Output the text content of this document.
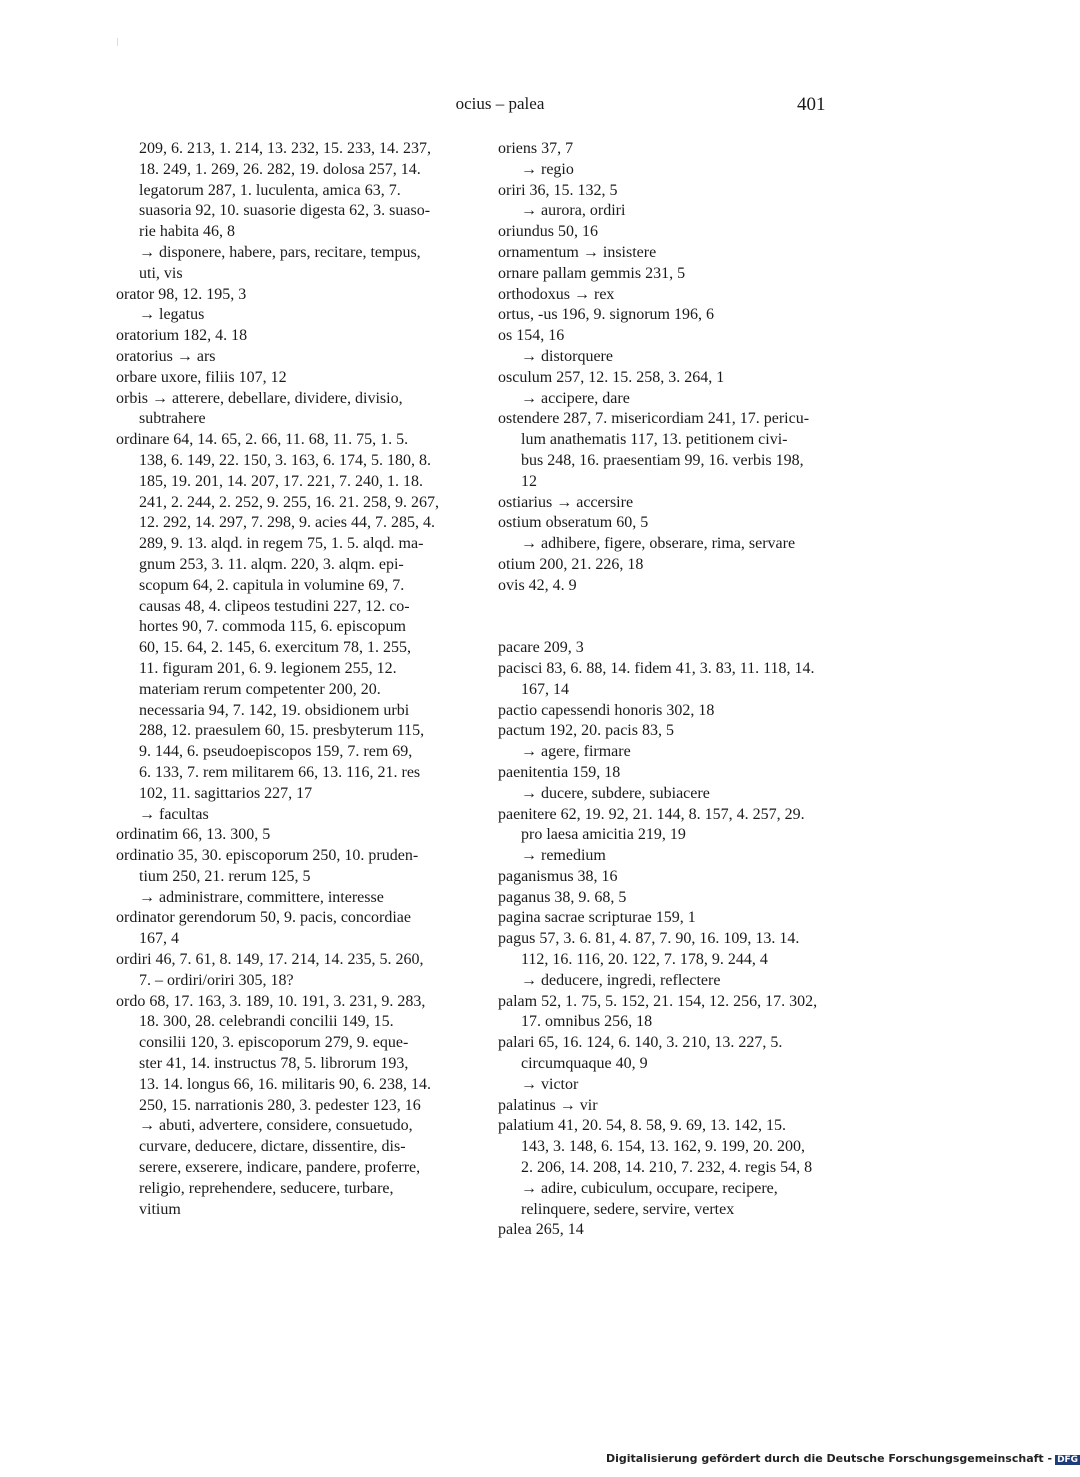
ocius – palea	401
209, 6. 213, 1. 214, 13. 232, 15. 233, 14. 237,
18. 249, 1. 269, 26. 282, 19. dolosa 257, 14.
legatorum 287, 1. luculenta, amica 63, 7.
suasoria 92, 10. suasorie digesta 62, 3. suaso-
rie habita 46, 8
→ disponere, habere, pars, recitare, tempus,
uti, vis
orator 98, 12. 195, 3
→ legatus
oratorium 182, 4. 18
oratorius → ars
orbare uxore, filiis 107, 12
orbis → atterere, debellare, dividere, divisio,
subtrahere
ordinare 64, 14. 65, 2. 66, 11. 68, 11. 75, 1. 5.
138, 6. 149, 22. 150, 3. 163, 6. 174, 5. 180, 8.
185, 19. 201, 14. 207, 17. 221, 7. 240, 1. 18.
241, 2. 244, 2. 252, 9. 255, 16. 21. 258, 9. 267,
12. 292, 14. 297, 7. 298, 9. acies 44, 7. 285, 4.
289, 9. 13. alqd. in regem 75, 1. 5. alqd. ma-
gnum 253, 3. 11. alqm. 220, 3. alqm. epi-
scopum 64, 2. capitula in volumine 69, 7.
causas 48, 4. clipeos testudini 227, 12. co-
hortes 90, 7. commoda 115, 6. episcopum
60, 15. 64, 2. 145, 6. exercitum 78, 1. 255,
11. figuram 201, 6. 9. legionem 255, 12.
materiam rerum competenter 200, 20.
necessaria 94, 7. 142, 19. obsidionem urbi
288, 12. praesulem 60, 15. presbyterum 115,
9. 144, 6. pseudoepiscopos 159, 7. rem 69,
6. 133, 7. rem militarem 66, 13. 116, 21. res
102, 11. sagittarios 227, 17
→ facultas
ordinatim 66, 13. 300, 5
ordinatio 35, 30. episcoporum 250, 10. pruden-
tium 250, 21. rerum 125, 5
→ administrare, committere, interesse
ordinator gerendorum 50, 9. pacis, concordiae
167, 4
ordiri 46, 7. 61, 8. 149, 17. 214, 14. 235, 5. 260,
7. – ordiri/oriri 305, 18?
ordo 68, 17. 163, 3. 189, 10. 191, 3. 231, 9. 283,
18. 300, 28. celebrandi concilii 149, 15.
consilii 120, 3. episcoporum 279, 9. eque-
ster 41, 14. instructus 78, 5. librorum 193,
13. 14. longus 66, 16. militaris 90, 6. 238, 14.
250, 15. narrationis 280, 3. pedester 123, 16
→ abuti, advertere, considere, consuetudo,
curvare, deducere, dictare, dissentire, dis-
serere, exserere, indicare, pandere, proferre,
religio, reprehendere, seducere, turbare,
vitium
oriens 37, 7
→ regio
oriri 36, 15. 132, 5
→ aurora, ordiri
oriundus 50, 16
ornamentum → insistere
ornare pallam gemmis 231, 5
orthodoxus → rex
ortus, -us 196, 9. signorum 196, 6
os 154, 16
→ distorquere
osculum 257, 12. 15. 258, 3. 264, 1
→ accipere, dare
ostendere 287, 7. misericordiam 241, 17. pericu-
lum anathematis 117, 13. petitionem civi-
bus 248, 16. praesentiam 99, 16. verbis 198,
12
ostiarius → accersire
ostium obseratum 60, 5
→ adhibere, figere, obserare, rima, servare
otium 200, 21. 226, 18
ovis 42, 4. 9
pacare 209, 3
pacisci 83, 6. 88, 14. fidem 41, 3. 83, 11. 118, 14.
167, 14
pactio capessendi honoris 302, 18
pactum 192, 20. pacis 83, 5
→ agere, firmare
paenitentia 159, 18
→ ducere, subdere, subiacere
paenitere 62, 19. 92, 21. 144, 8. 157, 4. 257, 29.
pro laesa amicitia 219, 19
→ remedium
paganismus 38, 16
paganus 38, 9. 68, 5
pagina sacrae scripturae 159, 1
pagus 57, 3. 6. 81, 4. 87, 7. 90, 16. 109, 13. 14.
112, 16. 116, 20. 122, 7. 178, 9. 244, 4
→ deducere, ingredi, reflectere
palam 52, 1. 75, 5. 152, 21. 154, 12. 256, 17. 302,
17. omnibus 256, 18
palari 65, 16. 124, 6. 140, 3. 210, 13. 227, 5.
circumquaque 40, 9
→ victor
palatinus → vir
palatium 41, 20. 54, 8. 58, 9. 69, 13. 142, 15.
143, 3. 148, 6. 154, 13. 162, 9. 199, 20. 200,
2. 206, 14. 208, 14. 210, 7. 232, 4. regis 54, 8
→ adire, cubiculum, occupare, recipere,
relinquere, sedere, servire, vertex
palea 265, 14
Digitalisierung gefördert durch die Deutsche Forschungsgemeinschaft - DFG
